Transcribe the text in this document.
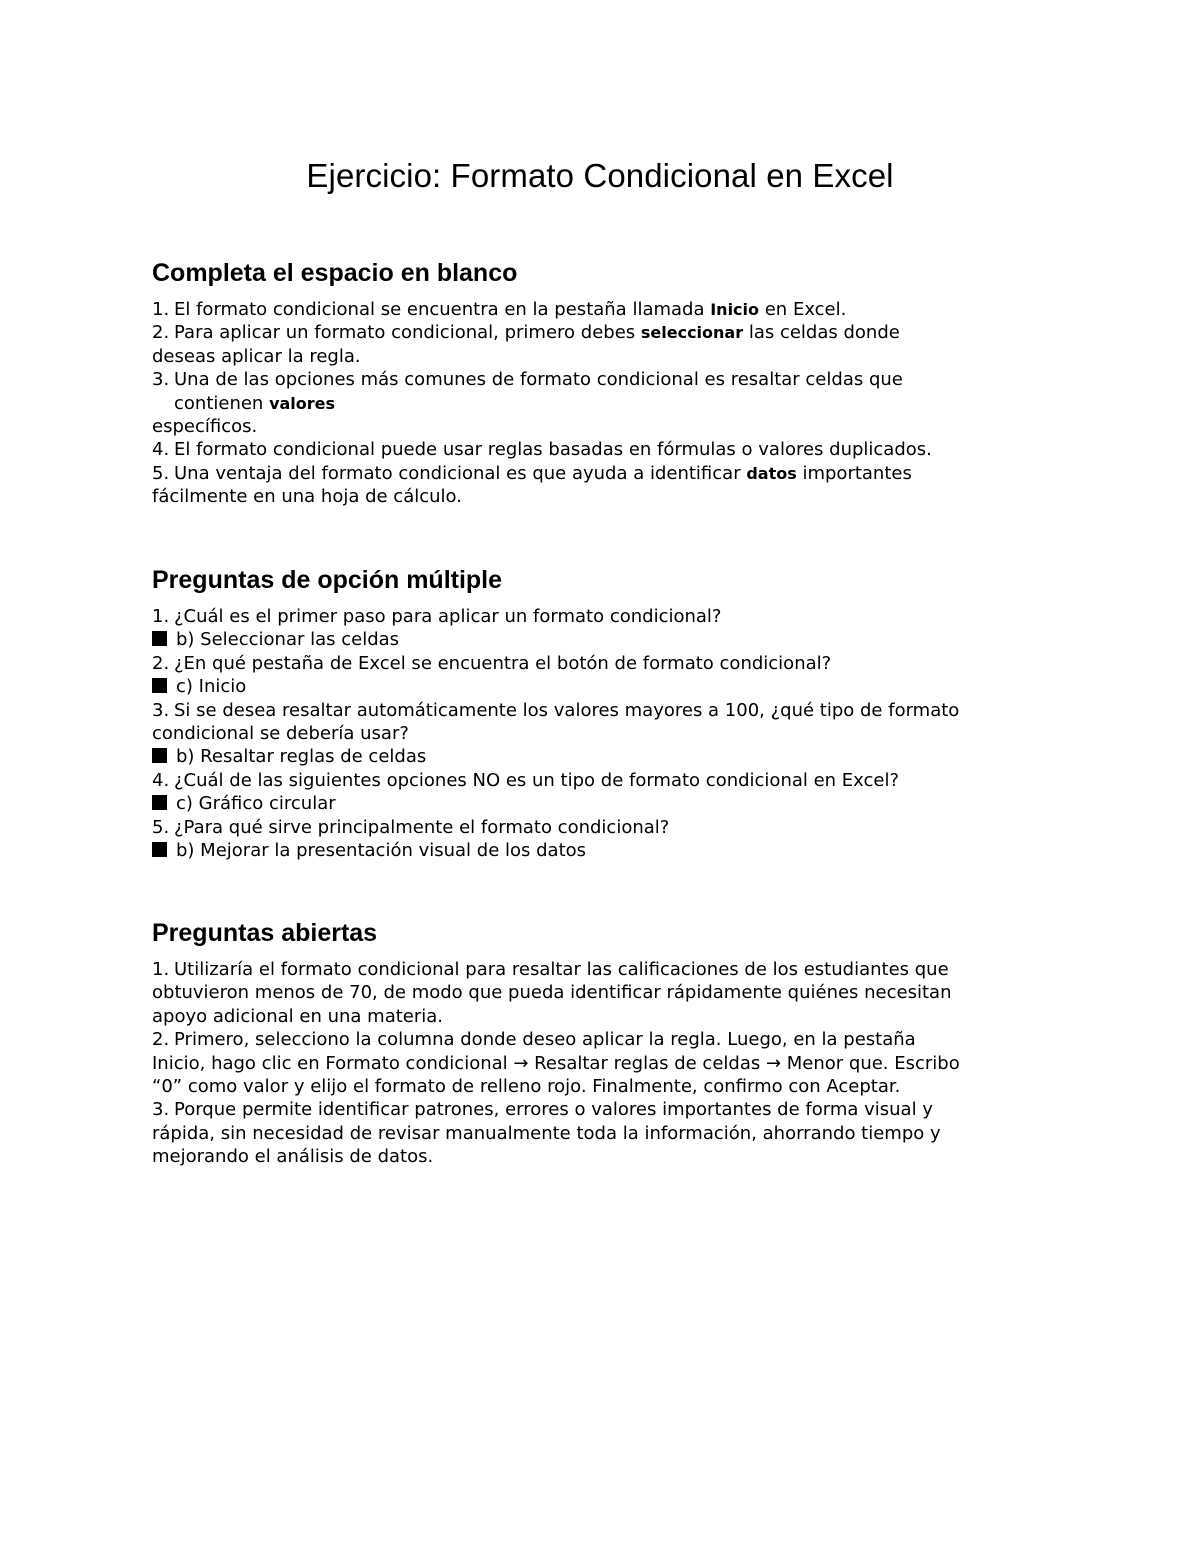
Ejercicio: Formato Condicional en Excel
Completa el espacio en blanco
1. El formato condicional se encuentra en la pestaña llamada Inicio en Excel.
2. Para aplicar un formato condicional, primero debes seleccionar las celdas donde
deseas aplicar la regla.
3. Una de las opciones más comunes de formato condicional es resaltar celdas que
contienen valores
específicos.
4. El formato condicional puede usar reglas basadas en fórmulas o valores duplicados.
5. Una ventaja del formato condicional es que ayuda a identificar datos importantes
fácilmente en una hoja de cálculo.
Preguntas de opción múltiple
1. ¿Cuál es el primer paso para aplicar un formato condicional?
b) Seleccionar las celdas
2. ¿En qué pestaña de Excel se encuentra el botón de formato condicional?
c) Inicio
3. Si se desea resaltar automáticamente los valores mayores a 100, ¿qué tipo de formato
condicional se debería usar?
b) Resaltar reglas de celdas
4. ¿Cuál de las siguientes opciones NO es un tipo de formato condicional en Excel?
c) Gráfico circular
5. ¿Para qué sirve principalmente el formato condicional?
b) Mejorar la presentación visual de los datos
Preguntas abiertas
1. Utilizaría el formato condicional para resaltar las calificaciones de los estudiantes que
obtuvieron menos de 70, de modo que pueda identificar rápidamente quiénes necesitan
apoyo adicional en una materia.
2. Primero, selecciono la columna donde deseo aplicar la regla. Luego, en la pestaña
Inicio, hago clic en Formato condicional → Resaltar reglas de celdas → Menor que. Escribo
“0” como valor y elijo el formato de relleno rojo. Finalmente, confirmo con Aceptar.
3. Porque permite identificar patrones, errores o valores importantes de forma visual y
rápida, sin necesidad de revisar manualmente toda la información, ahorrando tiempo y
mejorando el análisis de datos.
